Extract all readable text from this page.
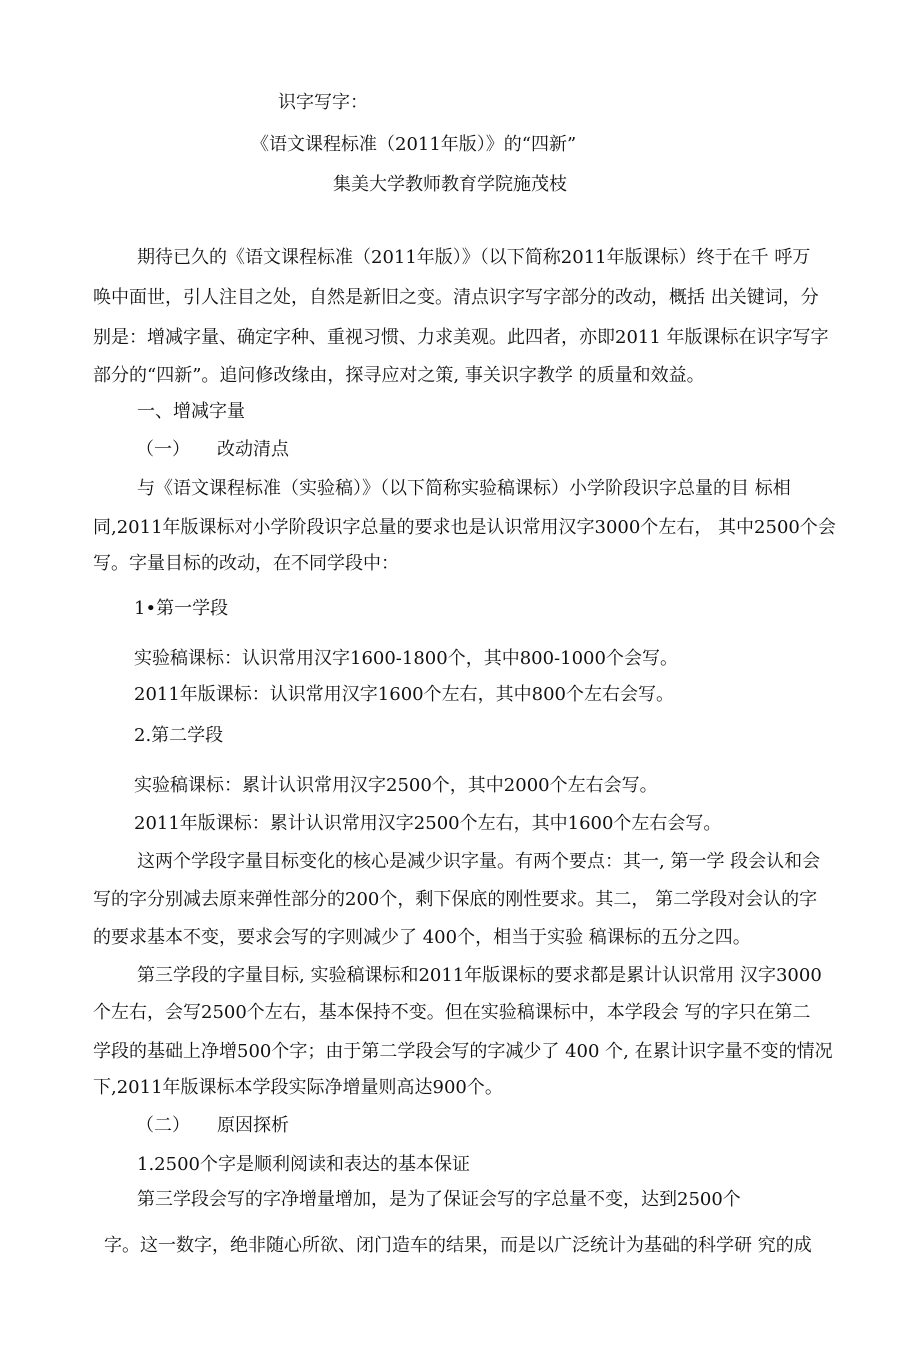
识字写字：

《语文课程标准（2011年版）》的“四新”

集美大学教师教育学院施茂枝

期待已久的《语文课程标准（2011年版）》（以下简称2011年版课标）终于在千 呼万

唤中面世，引人注目之处，自然是新旧之变。清点识字写字部分的改动，概括 出关键词，分

别是：增减字量、确定字种、重视习惯、力求美观。此四者，亦即2011 年版课标在识字写字

部分的“四新”。追问修改缘由，探寻应对之策, 事关识字教学 的质量和效益。

一、增减字量

（一） 改动清点

与《语文课程标准（实验稿）》（以下简称实验稿课标）小学阶段识字总量的目 标相

同,2011年版课标对小学阶段识字总量的要求也是认识常用汉字3000个左右， 其中2500个会

写。字量目标的改动，在不同学段中：

1•第一学段

实验稿课标：认识常用汉字1600-1800个，其中800-1000个会写。

2011年版课标：认识常用汉字1600个左右，其中800个左右会写。

2.第二学段

实验稿课标：累计认识常用汉字2500个，其中2000个左右会写。

2011年版课标：累计认识常用汉字2500个左右，其中1600个左右会写。

这两个学段字量目标变化的核心是减少识字量。有两个要点：其一, 第一学 段会认和会

写的字分别减去原来弹性部分的200个，剩下保底的刚性要求。其二， 第二学段对会认的字

的要求基本不变，要求会写的字则减少了 400个，相当于实验 稿课标的五分之四。

第三学段的字量目标, 实验稿课标和2011年版课标的要求都是累计认识常用 汉字3000

个左右，会写2500个左右，基本保持不变。但在实验稿课标中，本学段会 写的字只在第二

学段的基础上净增500个字；由于第二学段会写的字减少了 400 个, 在累计识字量不变的情况

下,2011年版课标本学段实际净增量则高达900个。

（二） 原因探析

1.2500个字是顺利阅读和表达的基本保证

第三学段会写的字净增量增加，是为了保证会写的字总量不变，达到2500个

字。这一数字，绝非随心所欲、闭门造车的结果，而是以广泛统计为基础的科学研 究的成
